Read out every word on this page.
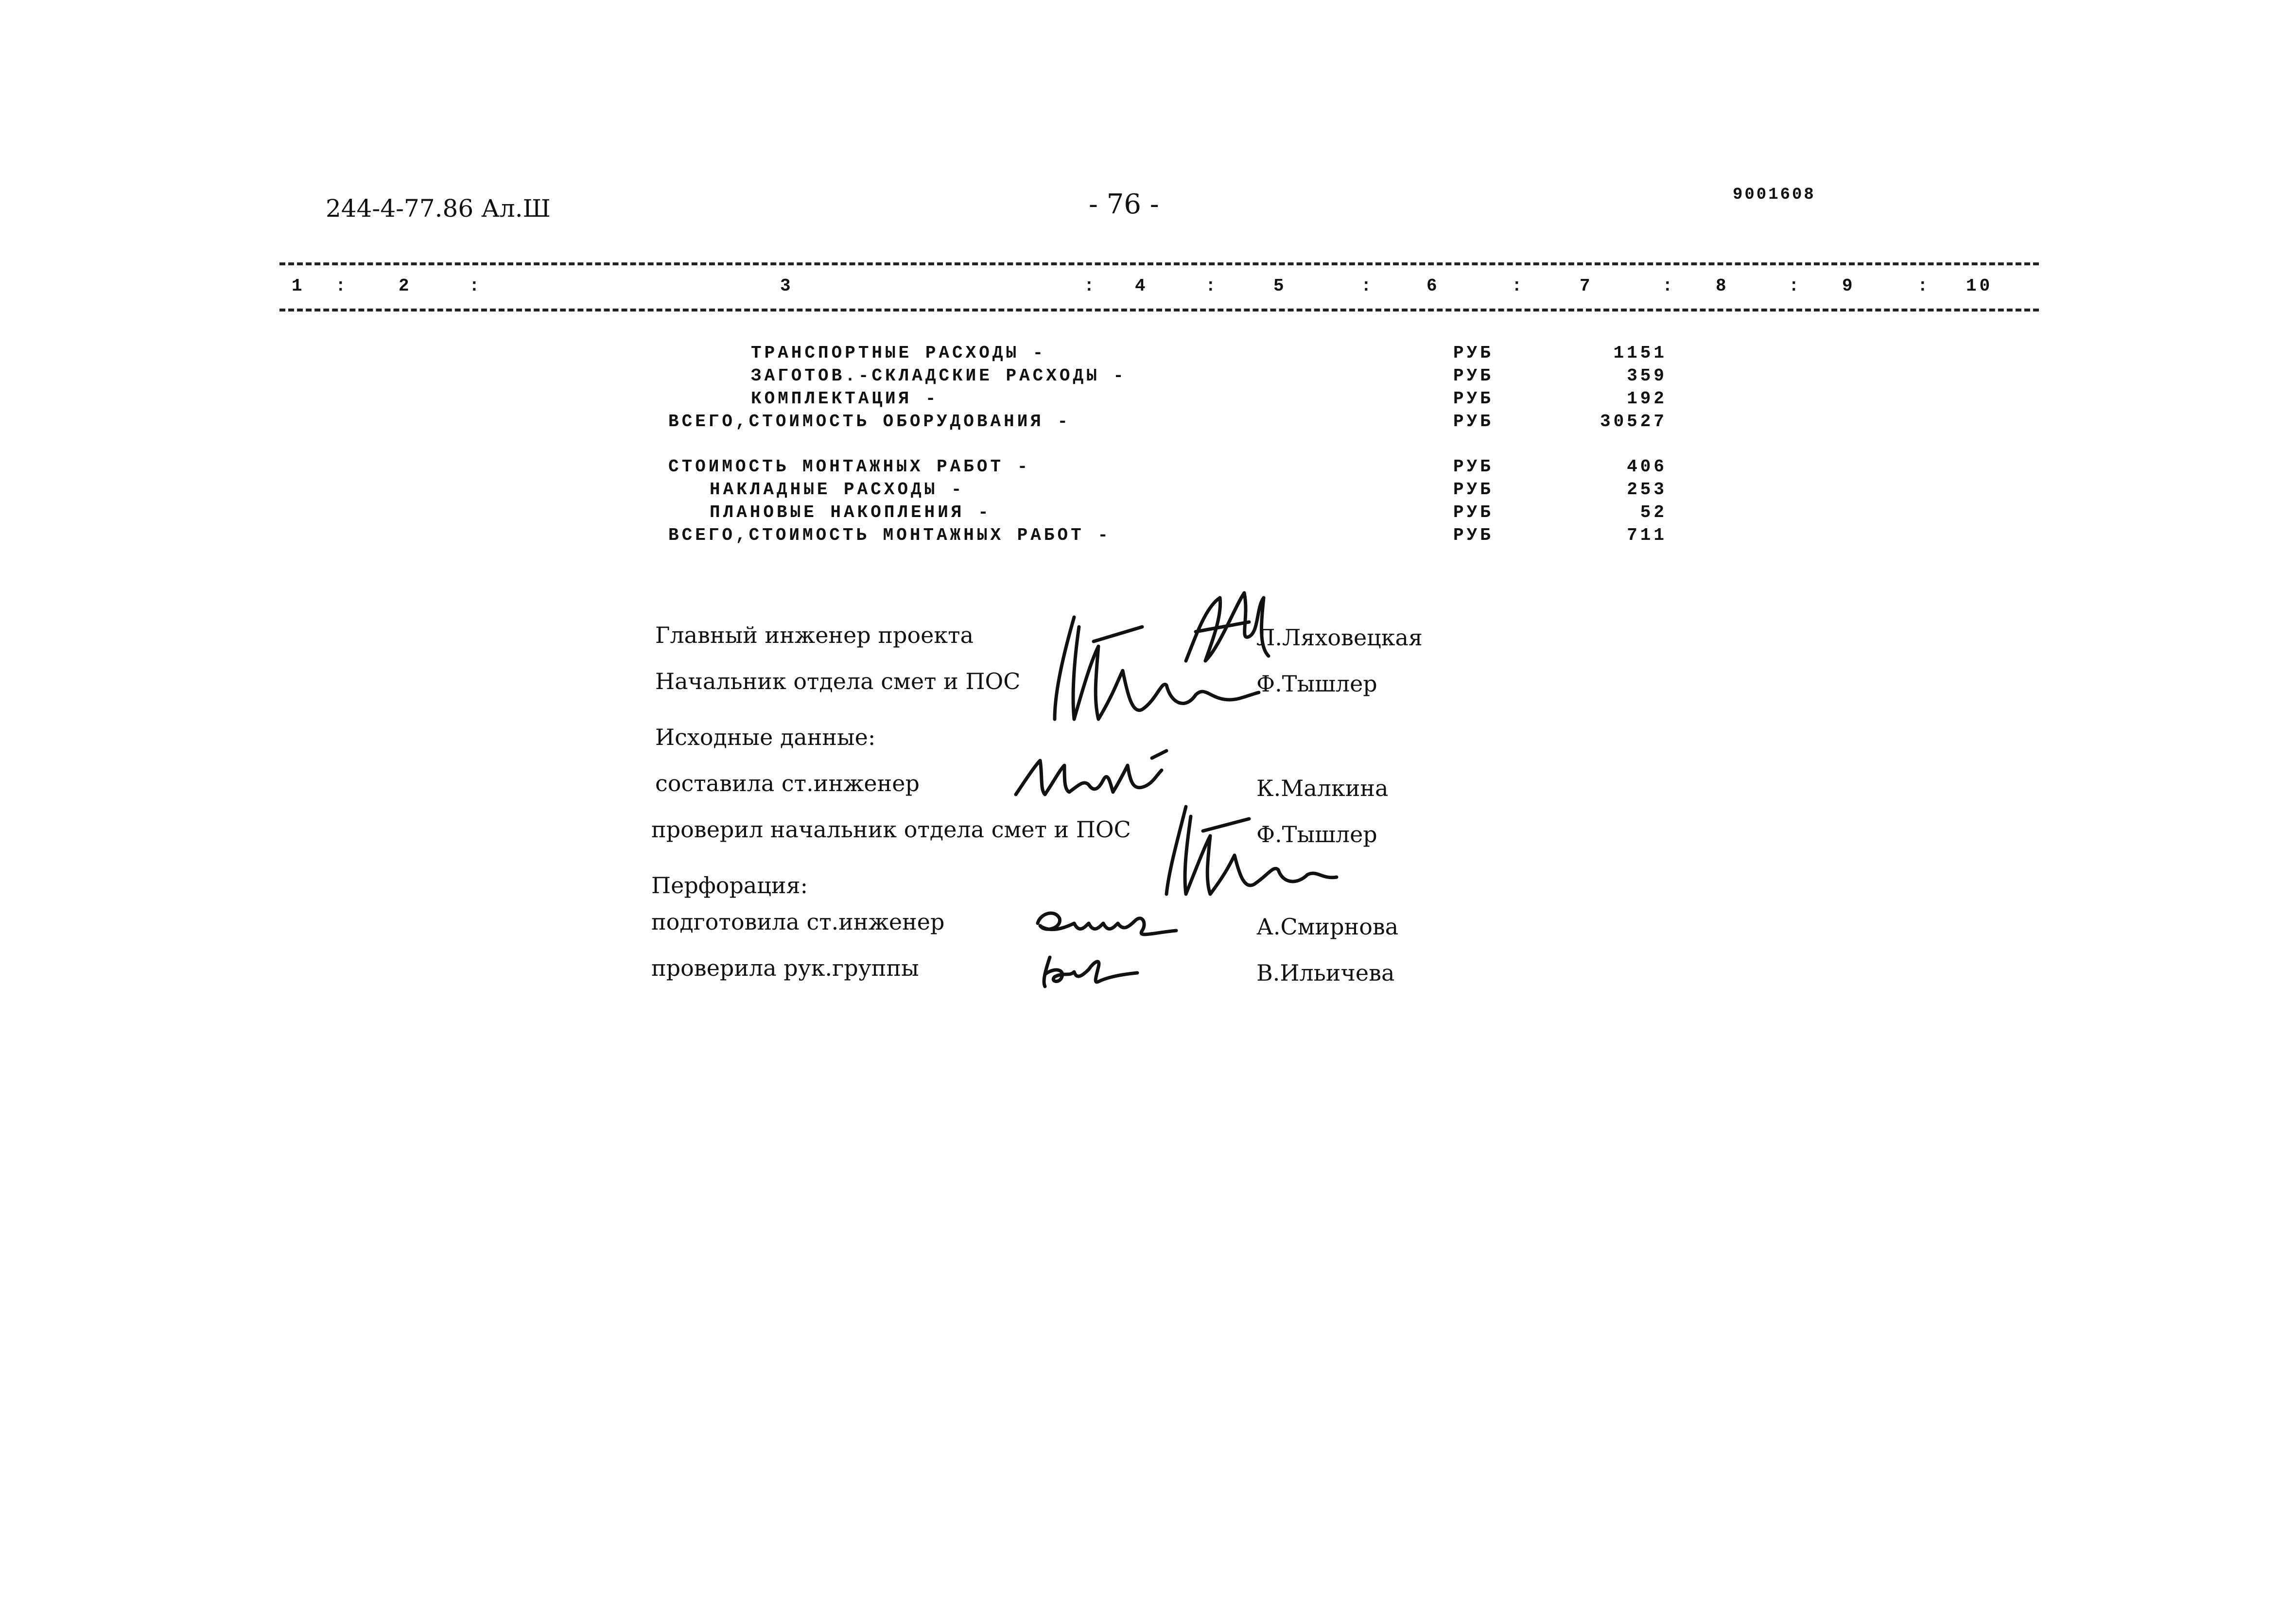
244-4-77.86 Ал.Ш	- 76 -	9001608
1 :	2	:	3	: 4	:	5	:	6	:	7	: 8	: 9	: 10
ТРАНСПОРТНЫЕ РАСХОДЫ -	РУБ	1151
ЗАГОТОВ.-СКЛАДСКИЕ РАСХОДЫ -	РУБ	359
КОМПЛЕКТАЦИЯ -	РУБ	192
ВСЕГО,СТОИМОСТЬ ОБОРУДОВАНИЯ -	РУБ	30527
СТОИМОСТЬ МОНТАЖНЫХ РАБОТ -	РУБ	406
НАКЛАДНЫЕ РАСХОДЫ -	РУБ	253
ПЛАНОВЫЕ НАКОПЛЕНИЯ -	РУБ	52
ВСЕГО,СТОИМОСТЬ МОНТАЖНЫХ РАБОТ -	РУБ	711
Главный инженер проекта	Л.Ляховецкая
Начальник отдела смет и ПОС	Ф.Тышлер
Исходные данные:
составила ст.инженер	К.Малкина
проверил начальник отдела смет и ПОС	Ф.Тышлер
Перфорация:
подготовила ст.инженер	А.Смирнова
проверила рук.группы	В.Ильичева
